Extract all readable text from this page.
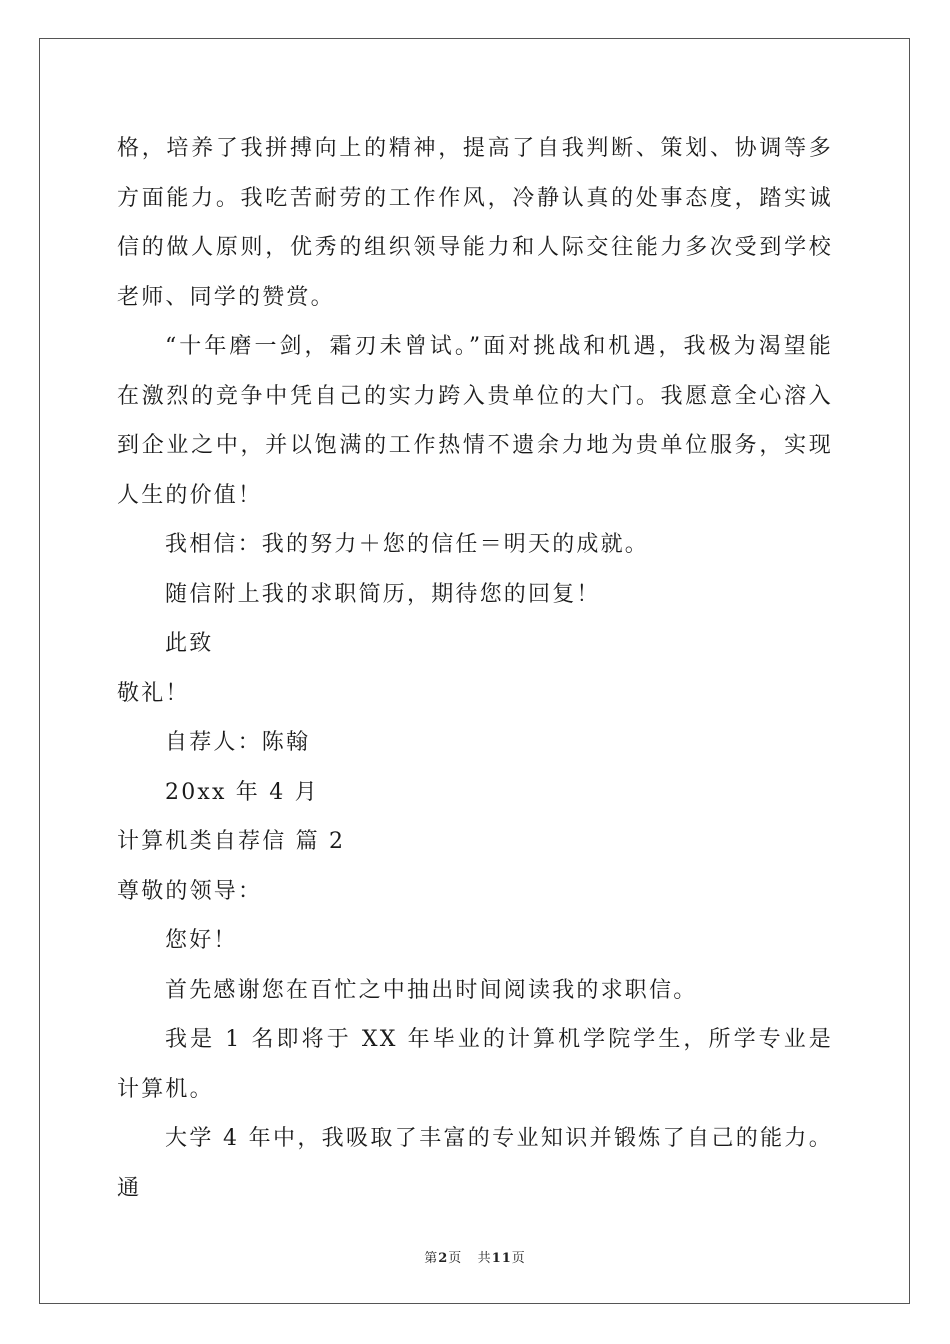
格，培养了我拼搏向上的精神，提高了自我判断、策划、协调等多方面能力。我吃苦耐劳的工作作风，冷静认真的处事态度，踏实诚信的做人原则，优秀的组织领导能力和人际交往能力多次受到学校老师、同学的赞赏。

“十年磨一剑，霜刃未曾试。”面对挑战和机遇，我极为渴望能在激烈的竞争中凭自己的实力跨入贵单位的大门。我愿意全心溶入到企业之中，并以饱满的工作热情不遗余力地为贵单位服务，实现人生的价值！

我相信：我的努力＋您的信任＝明天的成就。

随信附上我的求职简历，期待您的回复！

此致

敬礼！

自荐人：陈翰

20xx 年 4 月

计算机类自荐信 篇 2

尊敬的领导：

您好！

首先感谢您在百忙之中抽出时间阅读我的求职信。

我是 1 名即将于 XX 年毕业的计算机学院学生，所学专业是计算机。

大学 4 年中，我吸取了丰富的专业知识并锻炼了自己的能力。通

第2页 共11页
